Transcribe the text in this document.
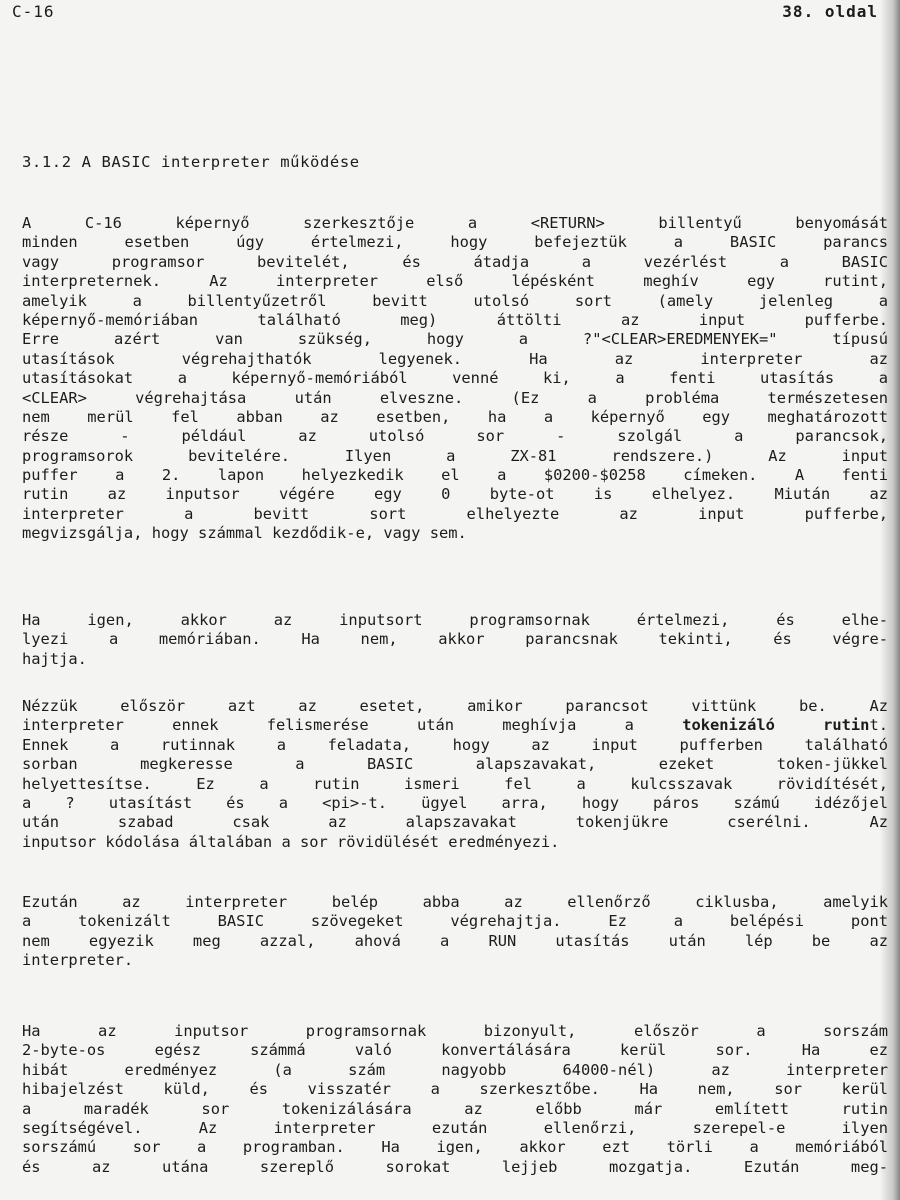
C-16	38. oldal
3.1.2 A BASIC interpreter működése
A C-16 képernyő szerkesztője a <RETURN> billentyű benyomását
minden esetben úgy értelmezi, hogy befejeztük a BASIC parancs
vagy programsor bevitelét, és átadja a vezérlést a BASIC
interpreternek. Az interpreter első lépésként meghív egy rutint,
amelyik a billentyűzetről bevitt utolsó sort (amely jelenleg a
képernyő-memóriában található meg) áttölti az input pufferbe.
Erre azért van szükség, hogy a ?"<CLEAR>EREDMENYEK=" típusú
utasítások végrehajthatók legyenek. Ha az interpreter az
utasításokat a képernyő-memóriából venné ki, a fenti utasítás a
<CLEAR> végrehajtása után elveszne. (Ez a probléma természetesen
nem merül fel abban az esetben, ha a képernyő egy meghatározott
része - például az utolsó sor - szolgál a parancsok,
programsorok bevitelére. Ilyen a ZX-81 rendszere.) Az input
puffer a 2. lapon helyezkedik el a $0200-$0258 címeken. A fenti
rutin az inputsor végére egy 0 byte-ot is elhelyez. Miután az
interpreter a bevitt sort elhelyezte az input pufferbe,
megvizsgálja, hogy számmal kezdődik-e, vagy sem.
Ha igen, akkor az inputsort programsornak értelmezi, és elhe-
lyezi a memóriában. Ha nem, akkor parancsnak tekinti, és végre-
hajtja.
Nézzük először azt az esetet, amikor parancsot vittünk be. Az
interpreter ennek felismerése után meghívja a tokenizáló rutint.
Ennek a rutinnak a feladata, hogy az input pufferben található
sorban megkeresse a BASIC alapszavakat, ezeket token-jükkel
helyettesítse. Ez a rutin ismeri fel a kulcsszavak rövidítését,
a ? utasítást és a <pi>-t. ügyel arra, hogy páros számú idézőjel
után szabad csak az alapszavakat tokenjükre cserélni. Az
inputsor kódolása általában a sor rövidülését eredményezi.
Ezután az interpreter belép abba az ellenőrző ciklusba, amelyik
a tokenizált BASIC szövegeket végrehajtja. Ez a belépési pont
nem egyezik meg azzal, ahová a RUN utasítás után lép be az
interpreter.
Ha az inputsor programsornak bizonyult, először a sorszám
2-byte-os egész számmá való konvertálására kerül sor. Ha ez
hibát eredményez (a szám nagyobb 64000-nél) az interpreter
hibajelzést küld, és visszatér a szerkesztőbe. Ha nem, sor kerül
a maradék sor tokenizálására az előbb már említett rutin
segítségével. Az interpreter ezután ellenőrzi, szerepel-e ilyen
sorszámú sor a programban. Ha igen, akkor ezt törli a memóriából
és az utána szereplő sorokat lejjeb mozgatja. Ezután meg-
